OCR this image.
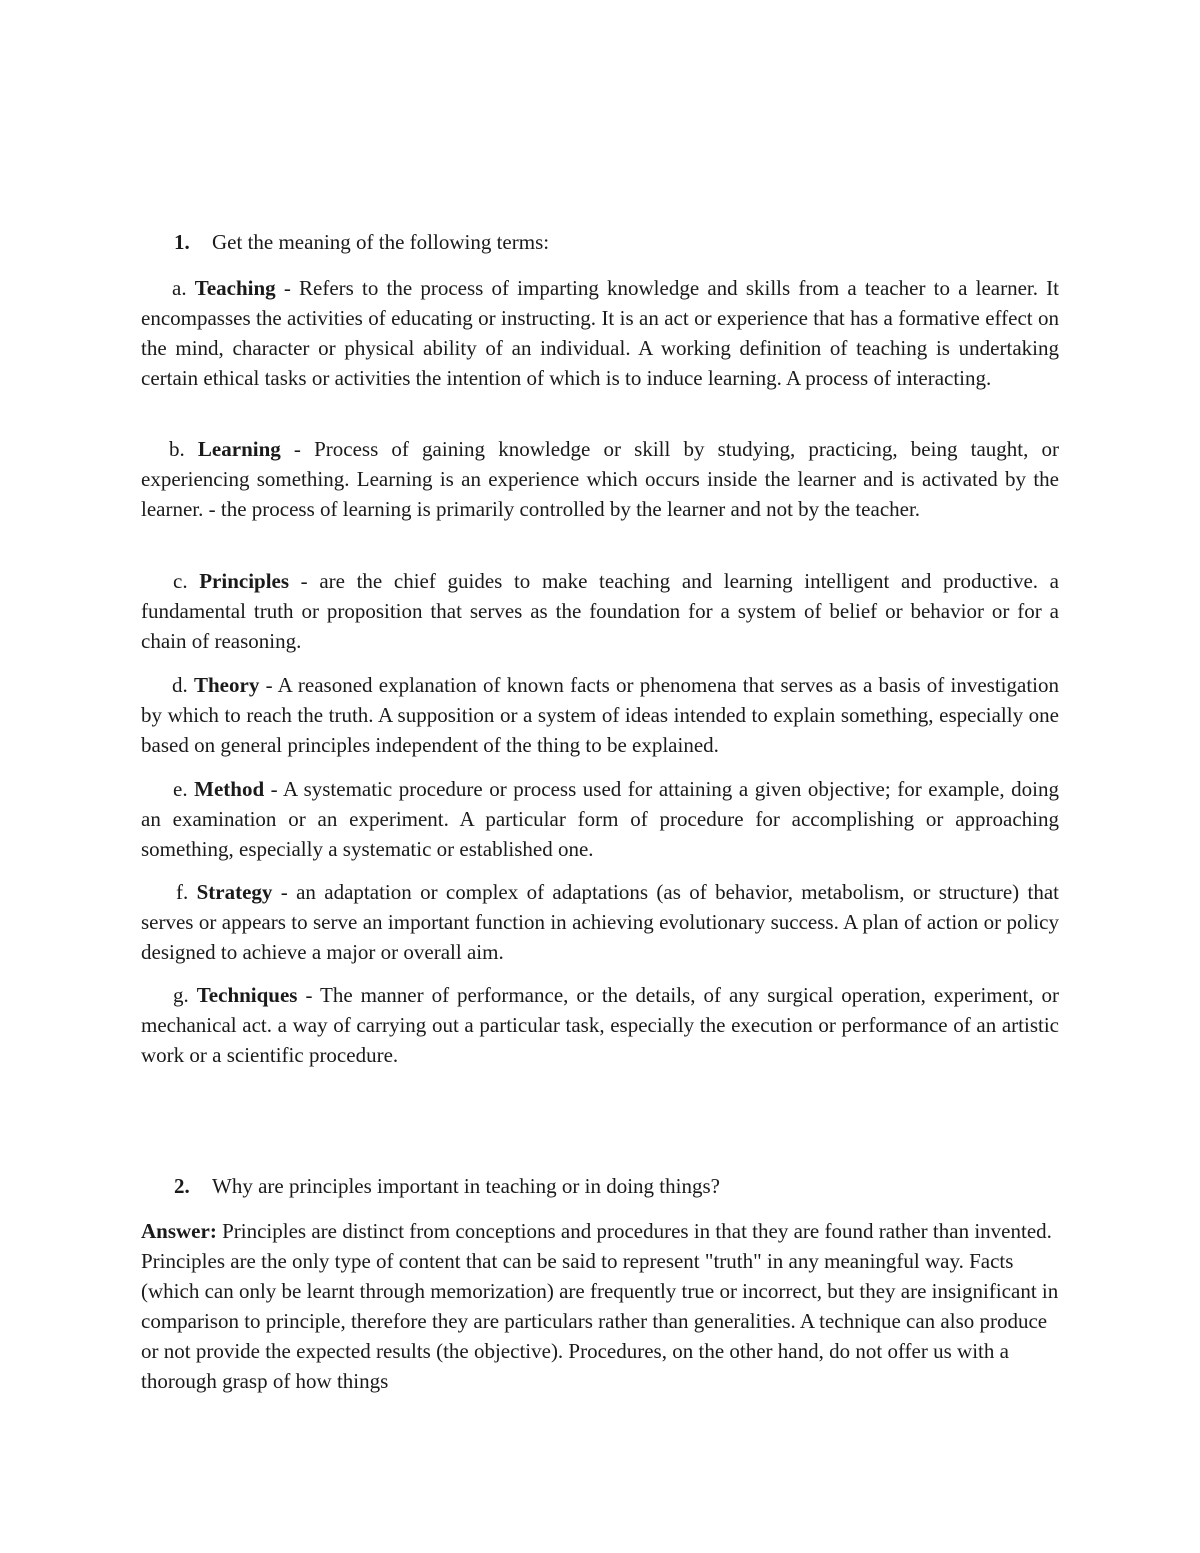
1. Get the meaning of the following terms:
a. Teaching - Refers to the process of imparting knowledge and skills from a teacher to a learner. It encompasses the activities of educating or instructing. It is an act or experience that has a formative effect on the mind, character or physical ability of an individual. A working definition of teaching is undertaking certain ethical tasks or activities the intention of which is to induce learning. A process of interacting.
b. Learning - Process of gaining knowledge or skill by studying, practicing, being taught, or experiencing something. Learning is an experience which occurs inside the learner and is activated by the learner. - the process of learning is primarily controlled by the learner and not by the teacher.
c. Principles - are the chief guides to make teaching and learning intelligent and productive. a fundamental truth or proposition that serves as the foundation for a system of belief or behavior or for a chain of reasoning.
d. Theory - A reasoned explanation of known facts or phenomena that serves as a basis of investigation by which to reach the truth. A supposition or a system of ideas intended to explain something, especially one based on general principles independent of the thing to be explained.
e. Method - A systematic procedure or process used for attaining a given objective; for example, doing an examination or an experiment. A particular form of procedure for accomplishing or approaching something, especially a systematic or established one.
f. Strategy - an adaptation or complex of adaptations (as of behavior, metabolism, or structure) that serves or appears to serve an important function in achieving evolutionary success. A plan of action or policy designed to achieve a major or overall aim.
g. Techniques - The manner of performance, or the details, of any surgical operation, experiment, or mechanical act. a way of carrying out a particular task, especially the execution or performance of an artistic work or a scientific procedure.
2. Why are principles important in teaching or in doing things?
Answer: Principles are distinct from conceptions and procedures in that they are found rather than invented. Principles are the only type of content that can be said to represent "truth" in any meaningful way. Facts (which can only be learnt through memorization) are frequently true or incorrect, but they are insignificant in comparison to principle, therefore they are particulars rather than generalities. A technique can also produce or not provide the expected results (the objective). Procedures, on the other hand, do not offer us with a thorough grasp of how things
